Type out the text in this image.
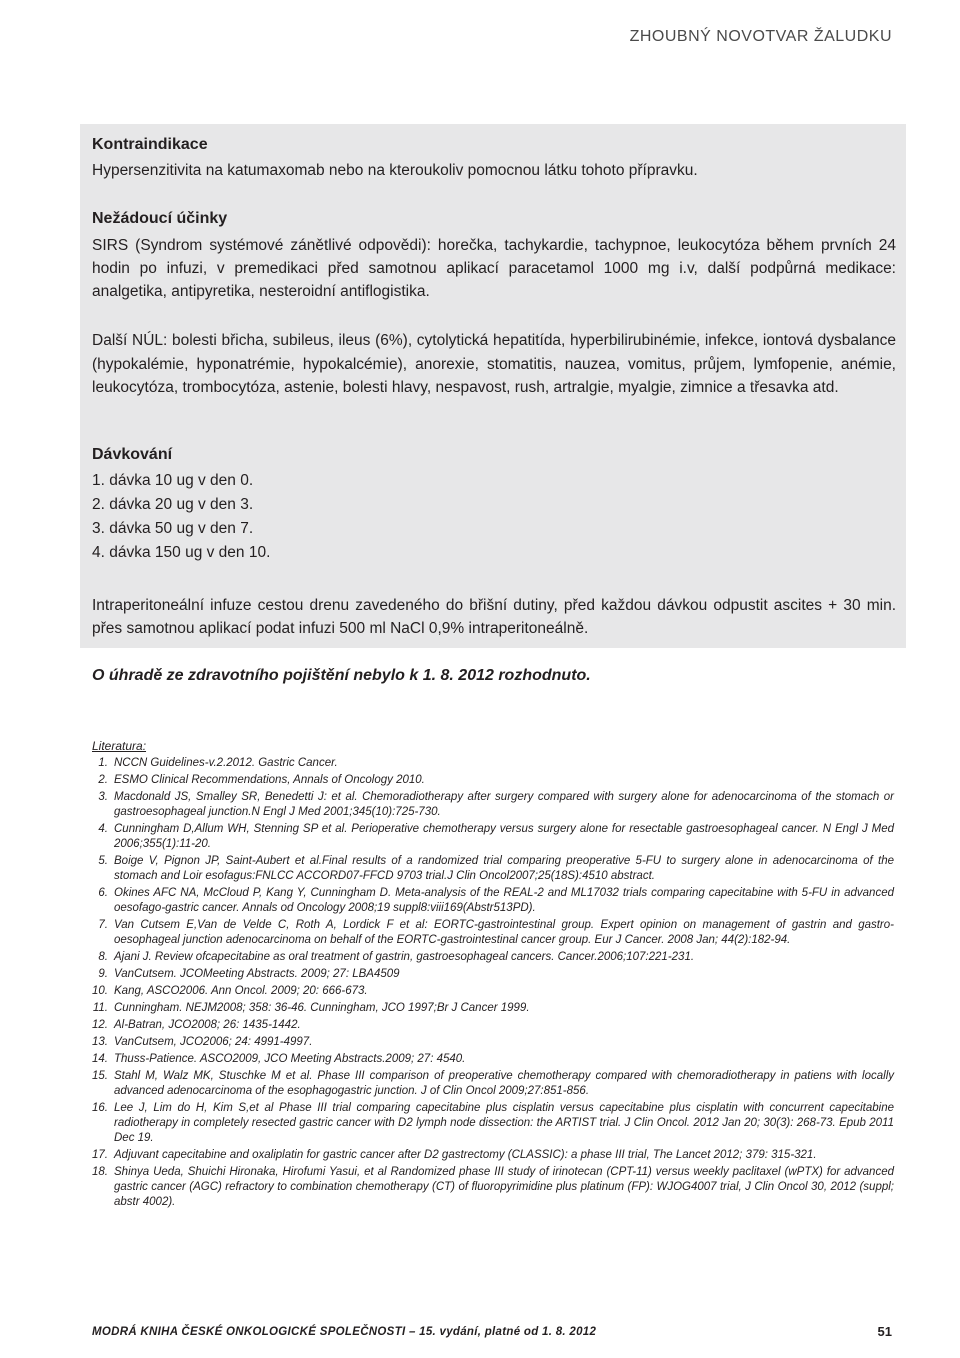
ZHOUBNÝ NOVOTVAR ŽALUDKU
Kontraindikace
Hypersenzitivita na katumaxomab nebo na kteroukoliv pomocnou látku tohoto přípravku.
Nežádoucí účinky
SIRS (Syndrom systémové zánětlivé odpovědi): horečka, tachykardie, tachypnoe, leukocytóza během prvních 24 hodin po infuzi, v premedikaci před samotnou aplikací paracetamol 1000 mg i.v, další podpůrná medikace: analgetika, antipyretika, nesteroidní antiflogistika.
Další NÚL: bolesti břicha, subileus, ileus (6%), cytolytická hepatitída, hyperbilirubinémie, infekce, iontová dysbalance (hypokalémie, hyponatrémie, hypokalcémie), anorexie, stomatitis, nauzea, vomitus, průjem, lymfopenie, anémie, leukocytóza, trombocytóza, astenie, bolesti hlavy, nespavost, rush, artralgie, myalgie, zimnice a třesavka atd.
Dávkování
1. dávka 10 ug v den 0.
2. dávka 20 ug v den 3.
3. dávka 50 ug v den 7.
4. dávka 150 ug v den 10.
Intraperitoneální infuze cestou drenu zavedeného do břišní dutiny, před každou dávkou odpustit ascites + 30 min. přes samotnou aplikací podat infuzi 500 ml NaCl 0,9% intraperitoneálně.
O úhradě ze zdravotního pojištění nebylo k 1. 8. 2012 rozhodnuto.
Literatura:
1. NCCN Guidelines-v.2.2012. Gastric Cancer.
2. ESMO Clinical Recommendations, Annals of Oncology 2010.
3. Macdonald JS, Smalley SR, Benedetti J: et al. Chemoradiotherapy after surgery compared with surgery alone for adenocarcinoma of the stomach or gastroesophageal junction.N Engl J Med 2001;345(10):725-730.
4. Cunningham D,Allum WH, Stenning SP et al. Perioperative chemotherapy versus surgery alone for resectable gastroesophageal cancer. N Engl J Med 2006;355(1):11-20.
5. Boige V, Pignon JP, Saint-Aubert et al.Final results of a randomized trial comparing preoperative 5-FU to surgery alone in adenocarcinoma of the stomach and Loir esofagus:FNLCC ACCORD07-FFCD 9703 trial.J Clin Oncol2007;25(18S):4510 abstract.
6. Okines AFC NA, McCloud P, Kang Y, Cunningham D. Meta-analysis of the REAL-2 and ML17032 trials comparing capecitabine with 5-FU in advanced oesofago-gastric cancer. Annals od Oncology 2008;19 suppl8:viii169(Abstr513PD).
7. Van Cutsem E,Van de Velde C, Roth A, Lordick F et al: EORTC-gastrointestinal group. Expert opinion on management of gastrin and gastro-oesophageal junction adenocarcinoma on behalf of the EORTC-gastrointestinal cancer group. Eur J Cancer. 2008 Jan; 44(2):182-94.
8. Ajani J. Review ofcapecitabine as oral treatment of gastrin, gastroesophageal cancers. Cancer.2006;107:221-231.
9. VanCutsem. JCOMeeting Abstracts. 2009; 27: LBA4509
10. Kang, ASCO2006. Ann Oncol. 2009; 20: 666-673.
11. Cunningham. NEJM2008; 358: 36-46. Cunningham, JCO 1997;Br J Cancer 1999.
12. Al-Batran, JCO2008; 26: 1435-1442.
13. VanCutsem, JCO2006; 24: 4991-4997.
14. Thuss-Patience. ASCO2009, JCO Meeting Abstracts.2009; 27: 4540.
15. Stahl M, Walz MK, Stuschke M et al. Phase III comparison of preoperative chemotherapy compared with chemoradiotherapy in patiens with locally advanced adenocarcinoma of the esophagogastric junction. J of Clin Oncol 2009;27:851-856.
16. Lee J, Lim do H, Kim S,et al Phase III trial comparing capecitabine plus cisplatin versus capecitabine plus cisplatin with concurrent capecitabine radiotherapy in completely resected gastric cancer with D2 lymph node dissection: the ARTIST trial. J Clin Oncol. 2012 Jan 20; 30(3): 268-73. Epub 2011 Dec 19.
17. Adjuvant capecitabine and oxaliplatin for gastric cancer after D2 gastrectomy (CLASSIC): a phase III trial, The Lancet 2012; 379: 315-321.
18. Shinya Ueda, Shuichi Hironaka, Hirofumi Yasui, et al Randomized phase III study of irinotecan (CPT-11) versus weekly paclitaxel (wPTX) for advanced gastric cancer (AGC) refractory to combination chemotherapy (CT) of fluoropyrimidine plus platinum (FP): WJOG4007 trial, J Clin Oncol 30, 2012 (suppl; abstr 4002).
MODRÁ KNIHA ČESKÉ ONKOLOGICKÉ SPOLEČNOSTI – 15. vydání, platné od 1. 8. 2012	51
